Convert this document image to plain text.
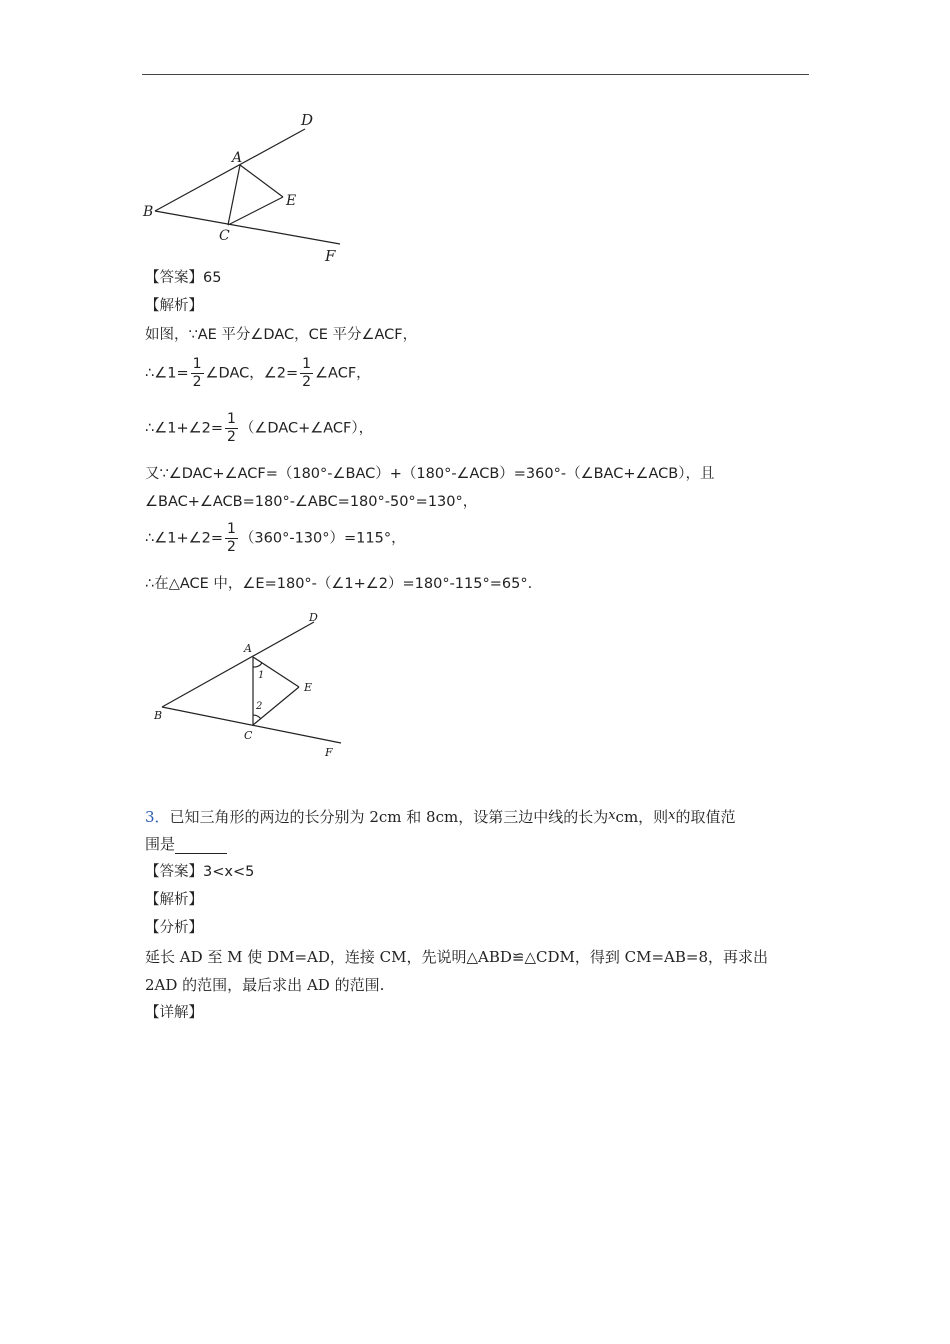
D
A
E
B
C
F
【答案】65
【解析】
如图，∵AE 平分∠DAC，CE 平分∠ACF，
∴∠1= $\frac{1}{2}$ ∠DAC，∠2= $\frac{1}{2}$ ∠ACF，
∴∠1+∠2= $\frac{1}{2}$ （∠DAC+∠ACF），
又∵∠DAC+∠ACF=（180°-∠BAC）+（180°-∠ACB）=360°-（∠BAC+∠ACB），且
∠BAC+∠ACB=180°-∠ABC=180°-50°=130°，
∴∠1+∠2= $\frac{1}{2} (360^\circ-130^\circ)=115^\circ$，
∴在△ACE 中，∠E=180°-（∠1+∠2）=180°-115°=65°.
D
A
E
B
C
F
1
2
3．已知三角形的两边的长分别为 2cm 和 8cm，设第三边中线的长为xcm，则x的取值范
围是
【答案】3<x<5
【解析】
【分析】
延长 AD 至 M 使 DM=AD，连接 CM，先说明△ABD≌△CDM，得到 CM=AB=8，再求出
2AD 的范围，最后求出 AD 的范围.
【详解】
